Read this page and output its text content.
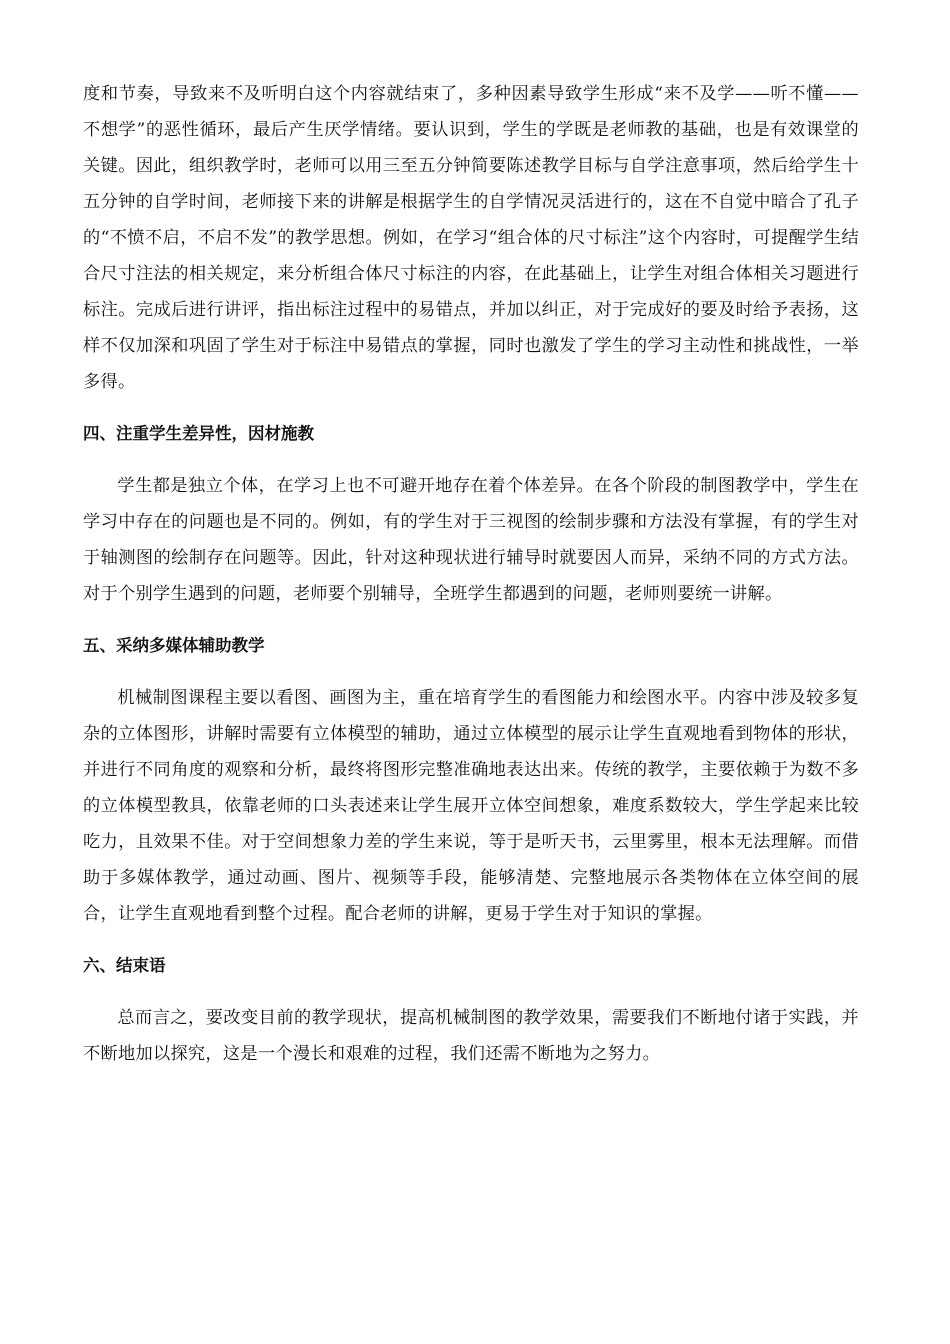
度和节奏，导致来不及听明白这个内容就结束了，多种因素导致学生形成“来不及学——听不懂——不想学”的恶性循环，最后产生厌学情绪。要认识到，学生的学既是老师教的基础，也是有效课堂的关键。因此，组织教学时，老师可以用三至五分钟简要陈述教学目标与自学注意事项，然后给学生十五分钟的自学时间，老师接下来的讲解是根据学生的自学情况灵活进行的，这在不自觉中暗合了孔子的“不愤不启，不启不发”的教学思想。例如，在学习“组合体的尺寸标注”这个内容时，可提醒学生结合尺寸注法的相关规定，来分析组合体尺寸标注的内容，在此基础上，让学生对组合体相关习题进行标注。完成后进行讲评，指出标注过程中的易错点，并加以纠正，对于完成好的要及时给予表扬，这样不仅加深和巩固了学生对于标注中易错点的掌握，同时也激发了学生的学习主动性和挑战性，一举多得。

四、注重学生差异性，因材施教

学生都是独立个体，在学习上也不可避开地存在着个体差异。在各个阶段的制图教学中，学生在学习中存在的问题也是不同的。例如，有的学生对于三视图的绘制步骤和方法没有掌握，有的学生对于轴测图的绘制存在问题等。因此，针对这种现状进行辅导时就要因人而异，采纳不同的方式方法。对于个别学生遇到的问题，老师要个别辅导，全班学生都遇到的问题，老师则要统一讲解。

五、采纳多媒体辅助教学

机械制图课程主要以看图、画图为主，重在培育学生的看图能力和绘图水平。内容中涉及较多复杂的立体图形，讲解时需要有立体模型的辅助，通过立体模型的展示让学生直观地看到物体的形状，并进行不同角度的观察和分析，最终将图形完整准确地表达出来。传统的教学，主要依赖于为数不多的立体模型教具，依靠老师的口头表述来让学生展开立体空间想象，难度系数较大，学生学起来比较吃力，且效果不佳。对于空间想象力差的学生来说，等于是听天书，云里雾里，根本无法理解。而借助于多媒体教学，通过动画、图片、视频等手段，能够清楚、完整地展示各类物体在立体空间的展合，让学生直观地看到整个过程。配合老师的讲解，更易于学生对于知识的掌握。

六、结束语

总而言之，要改变目前的教学现状，提高机械制图的教学效果，需要我们不断地付诸于实践，并不断地加以探究，这是一个漫长和艰难的过程，我们还需不断地为之努力。
